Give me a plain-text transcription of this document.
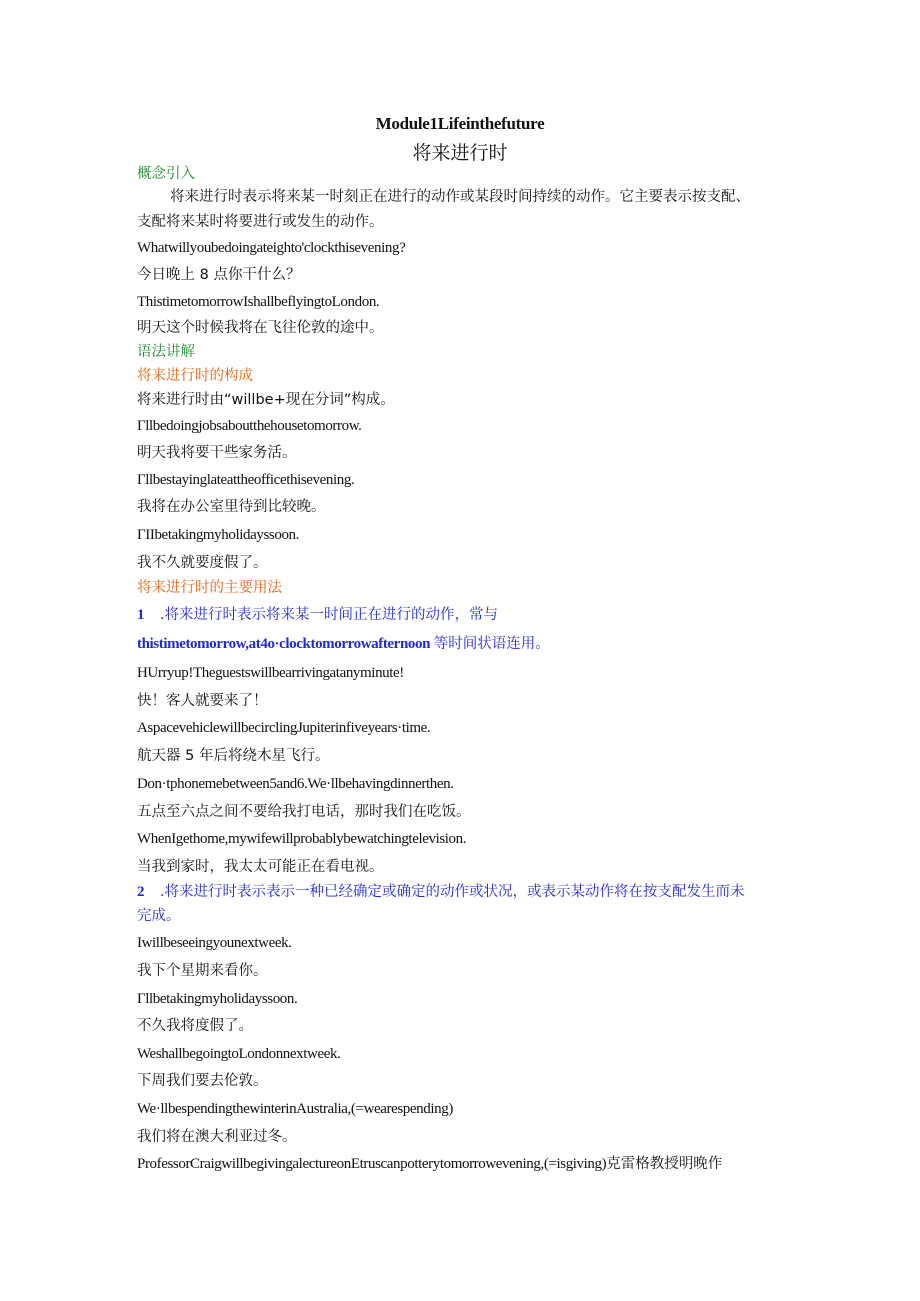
Module1Lifeinthefuture
将来进行时
概念引入
将来进行时表示将来某一时刻正在进行的动作或某段时间持续的动作。它主要表示按支配、
支配将来某时将要进行或发生的动作。
Whatwillyoubedoingateighto'clockthisevening?
今日晚上 8 点你干什么？
ThistimetomorrowIshallbeflyingtoLondon.
明天这个时候我将在飞往伦敦的途中。
语法讲解
将来进行时的构成
将来进行时由“willbe+现在分词”构成。
Γllbedoingjobsaboutthehousetomorrow.
明天我将要干些家务活。
Γllbestayinglateattheofficethisevening.
我将在办公室里待到比较晚。
ΓIIbetakingmyholidayssoon.
我不久就要度假了。
将来进行时的主要用法
1 .将来进行时表示将来某一时间正在进行的动作，常与
thistimetomorrow,at4o·clocktomorrowafternoon 等时间状语连用。
HUrryup!Theguestswillbearrivingatanyminute!
快！客人就要来了！
AspacevehiclewillbecirclingJupiterinfiveyears·time.
航天器 5 年后将绕木星飞行。
Don·tphonemebetween5and6.We·llbehavingdinnerthen.
五点至六点之间不要给我打电话，那时我们在吃饭。
WhenIgethome,mywifewillprobablybewatchingtelevision.
当我到家时，我太太可能正在看电视。
2 .将来进行时表示表示一种已经确定或确定的动作或状况，或表示某动作将在按支配发生而未
完成。
Iwillbeseeingyounextweek.
我下个星期来看你。
Γllbetakingmyholidayssoon.
不久我将度假了。
WeshallbegoingtoLondonnextweek.
下周我们要去伦敦。
We·llbespendingthewinterinAustralia,(=wearespending)
我们将在澳大利亚过冬。
ProfessorCraigwillbegivingalectureonEtruscanpotterytomorrowevening,(=isgiving)克雷格教授明晚作
